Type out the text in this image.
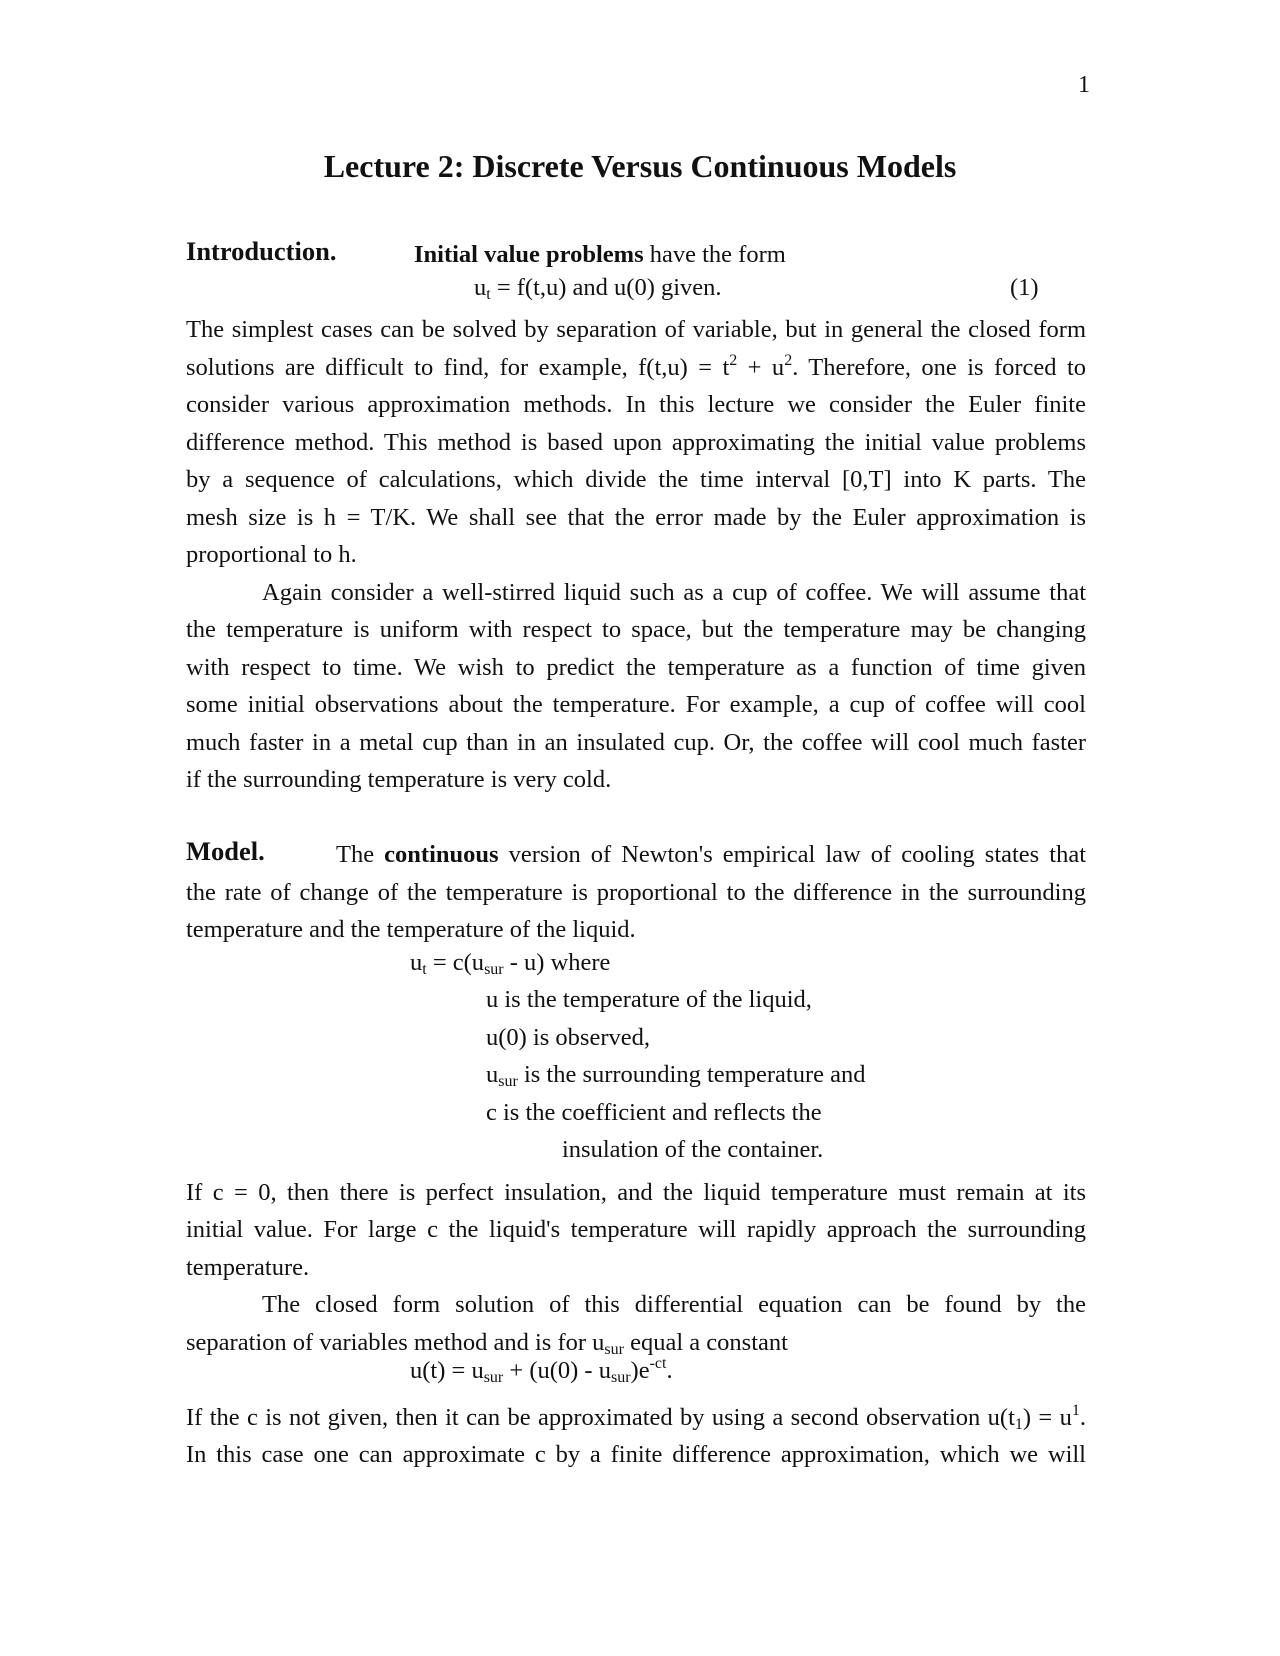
1
Lecture 2: Discrete Versus Continuous Models
Introduction.	Initial value problems have the form
$u_t = f(t,u)$ and u(0) given.	(1)
The simplest cases can be solved by separation of variable, but in general the closed form
solutions are difficult to find, for example, $f(t,u) = t^2 + u^2$. Therefore, one is forced to
consider various approximation methods. In this lecture we consider the Euler finite
difference method. This method is based upon approximating the initial value problems
by a sequence of calculations, which divide the time interval [0,T] into K parts. The
mesh size is h = T/K. We shall see that the error made by the Euler approximation is
proportional to h.
Again consider a well-stirred liquid such as a cup of coffee. We will assume that
the temperature is uniform with respect to space, but the temperature may be changing
with respect to time. We wish to predict the temperature as a function of time given
some initial observations about the temperature. For example, a cup of coffee will cool
much faster in a metal cup than in an insulated cup. Or, the coffee will cool much faster
if the surrounding temperature is very cold.
Model.	The continuous version of Newton's empirical law of cooling states that
the rate of change of the temperature is proportional to the difference in the surrounding
temperature and the temperature of the liquid.
$u_t = c(u_{sur} - u)$ where
u is the temperature of the liquid,
u(0) is observed,
$u_{sur}$ is the surrounding temperature and
c is the coefficient and reflects the
insulation of the container.
If c = 0, then there is perfect insulation, and the liquid temperature must remain at its
initial value. For large c the liquid's temperature will rapidly approach the surrounding
temperature.
The closed form solution of this differential equation can be found by the
separation of variables method and is for $u_{sur}$ equal a constant
$u(t) = u_{sur} + (u(0) - u_{sur})e^{-ct}$.
If the c is not given, then it can be approximated by using a second observation $u(t_1) = u^1$.
In this case one can approximate c by a finite difference approximation, which we will
